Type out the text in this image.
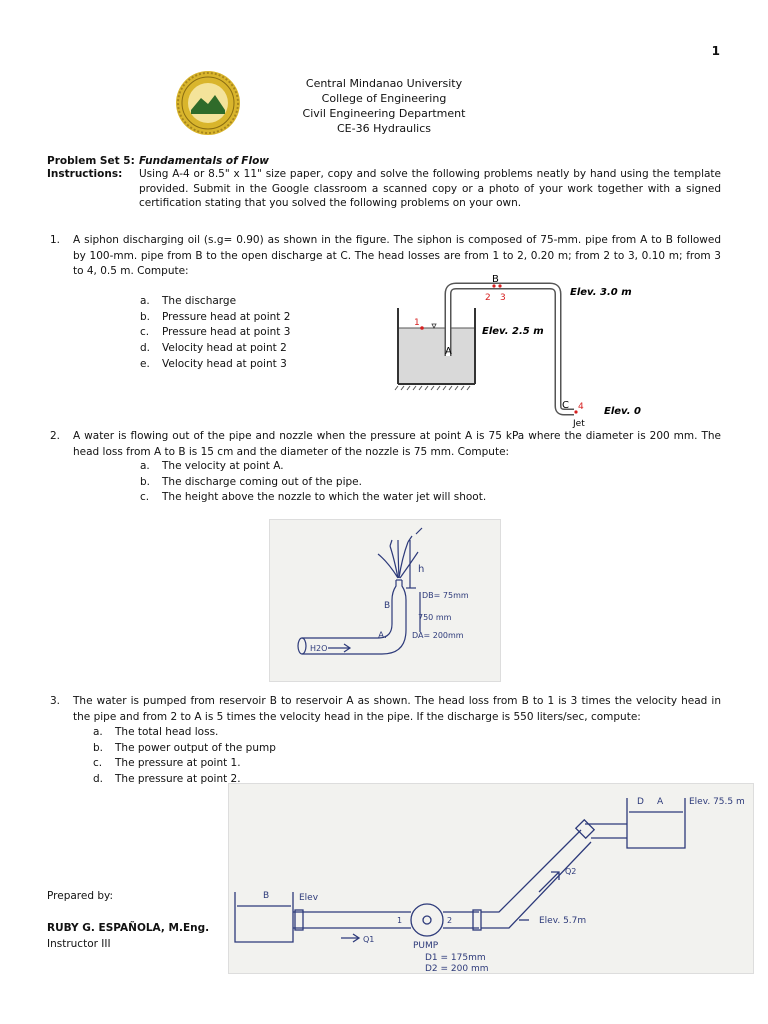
1
Central Mindanao University
College of Engineering
Civil Engineering Department
CE-36 Hydraulics
Problem Set 5: Fundamentals of Flow
Instructions: Using A-4 or 8.5" x 11" size paper, copy and solve the following problems neatly by hand using the template provided. Submit in the Google classroom a scanned copy or a photo of your work together with a signed certification stating that you solved the following problems on your own.
1. A siphon discharging oil (s.g= 0.90) as shown in the figure. The siphon is composed of 75-mm. pipe from A to B followed by 100-mm. pipe from B to the open discharge at C. The head losses are from 1 to 2, 0.20 m; from 2 to 3, 0.10 m; from 3 to 4, 0.5 m. Compute:
a.	The discharge
b.	Pressure head at point 2
c.	Pressure head at point 3
d.	Velocity head at point 2
e.	Velocity head at point 3
B
2 3
1
A
C 4
Jet
Elev. 3.0 m
Elev. 2.5 m
Elev. 0
2. A water is flowing out of the pipe and nozzle when the pressure at point A is 75 kPa where the diameter is 200 mm. The head loss from A to B is 15 cm and the diameter of the nozzle is 75 mm. Compute:
a.	The velocity at point A.
b.	The discharge coming out of the pipe.
c.	The height above the nozzle to which the water jet will shoot.
h
B
DB= 75mm
750 mm
A.	DA= 200mm
H2O
3. The water is pumped from reservoir B to reservoir A as shown. The head loss from B to 1 is 3 times the velocity head in the pipe and from 2 to A is 5 times the velocity head in the pipe. If the discharge is 550 liters/sec, compute:
a.	The total head loss.
b.	The power output of the pump
c.	The pressure at point 1.
d.	The pressure at point 2.
D A	Elev. 75.5 m
B	Elev
Q1
1	2
PUMP
Q2
Elev. 5.7m
D1 = 175mm
D2 = 200 mm
Prepared by:
RUBY G. ESPAÑOLA, M.Eng.
Instructor III
